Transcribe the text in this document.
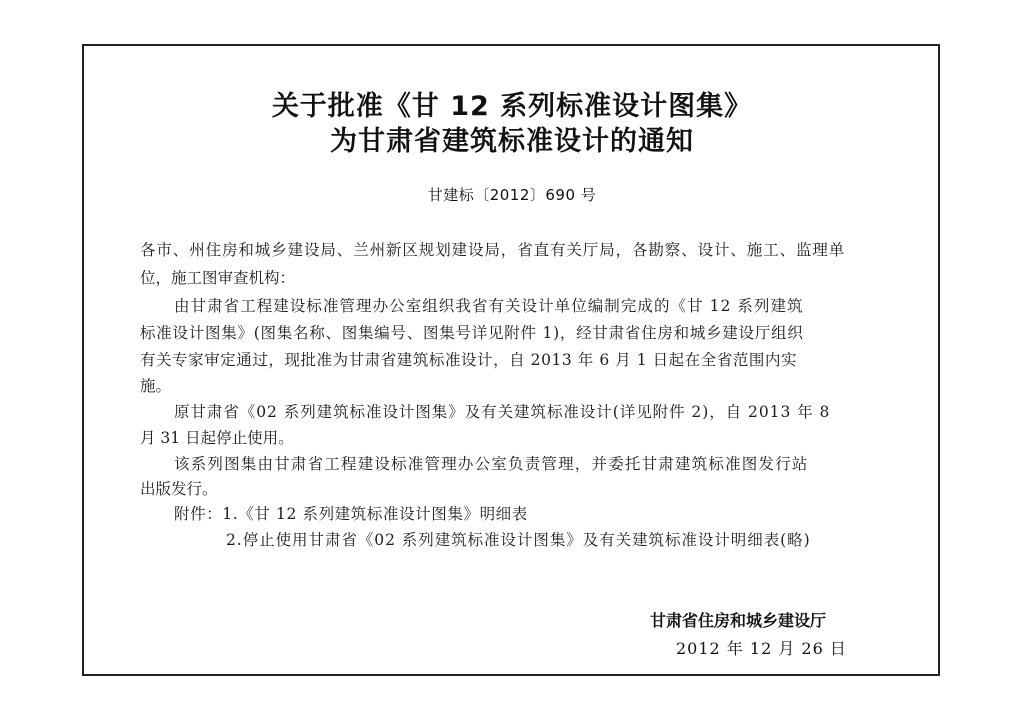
关于批准《甘 12 系列标准设计图集》
为甘肃省建筑标准设计的通知
甘建标〔2012〕690 号
各市、州住房和城乡建设局、兰州新区规划建设局，省直有关厅局，各勘察、设计、施工、监理单
位，施工图审查机构：
由甘肃省工程建设标准管理办公室组织我省有关设计单位编制完成的《甘 12 系列建筑
标准设计图集》(图集名称、图集编号、图集号详见附件 1)，经甘肃省住房和城乡建设厅组织
有关专家审定通过，现批准为甘肃省建筑标准设计，自 2013 年 6 月 1 日起在全省范围内实
施。
原甘肃省《02 系列建筑标准设计图集》及有关建筑标准设计(详见附件 2)，自 2013 年 8
月 31 日起停止使用。
该系列图集由甘肃省工程建设标准管理办公室负责管理，并委托甘肃建筑标准图发行站
出版发行。
附件：1.《甘 12 系列建筑标准设计图集》明细表
2.停止使用甘肃省《02 系列建筑标准设计图集》及有关建筑标准设计明细表(略)
甘肃省住房和城乡建设厅
2012 年 12 月 26 日
